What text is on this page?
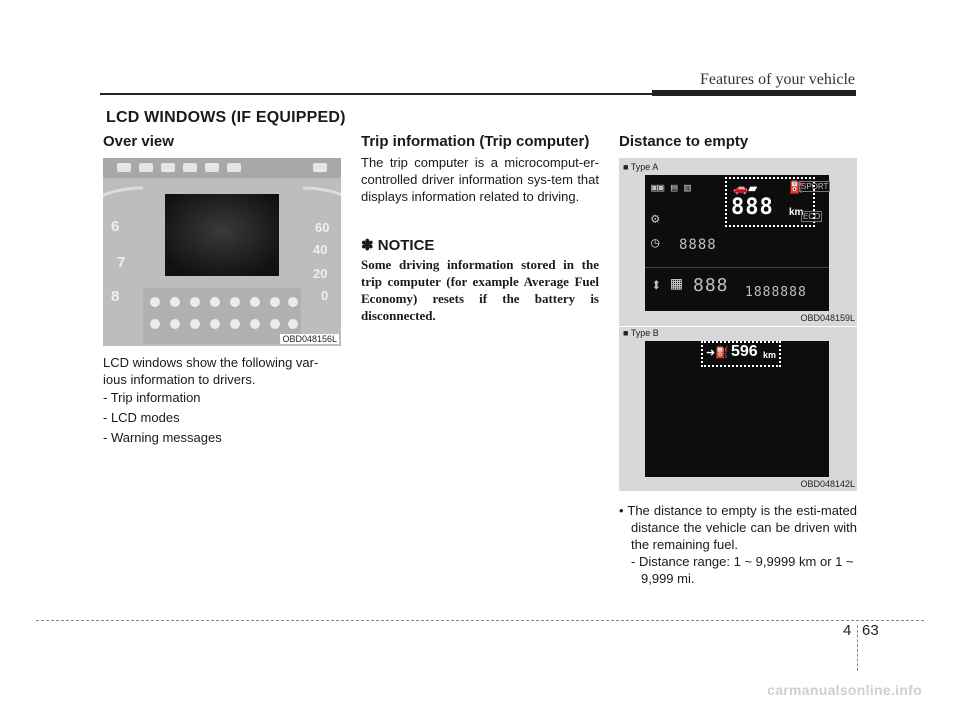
Features of your vehicle
LCD WINDOWS (IF EQUIPPED)
Over view
6
7
8
60
40
20
0
OBD048156L
LCD windows show the following var-ious information to drivers.
- Trip information
- LCD modes
- Warning messages
Trip information (Trip computer)
The trip computer is a microcomput-er-controlled driver information sys-tem that displays information related to driving.
✽ NOTICE
Some driving information stored in the trip computer (for example Average Fuel Economy) resets if the battery is disconnected.
Distance to empty
■ Type A
▣▣ ▤ ▥
⚙
◷ 8888
🚗▰	⛽
888 km
SPORT
ECO
⬍ ▦ 888 1888888
OBD048159L
■ Type B
➜⛽ 596 km
OBD048142L
• The distance to empty is the esti-mated distance the vehicle can be driven with the remaining fuel.
- Distance range: 1 ~ 9,9999 km or 1 ~ 9,999 mi.
4 63
carmanualsonline.info
